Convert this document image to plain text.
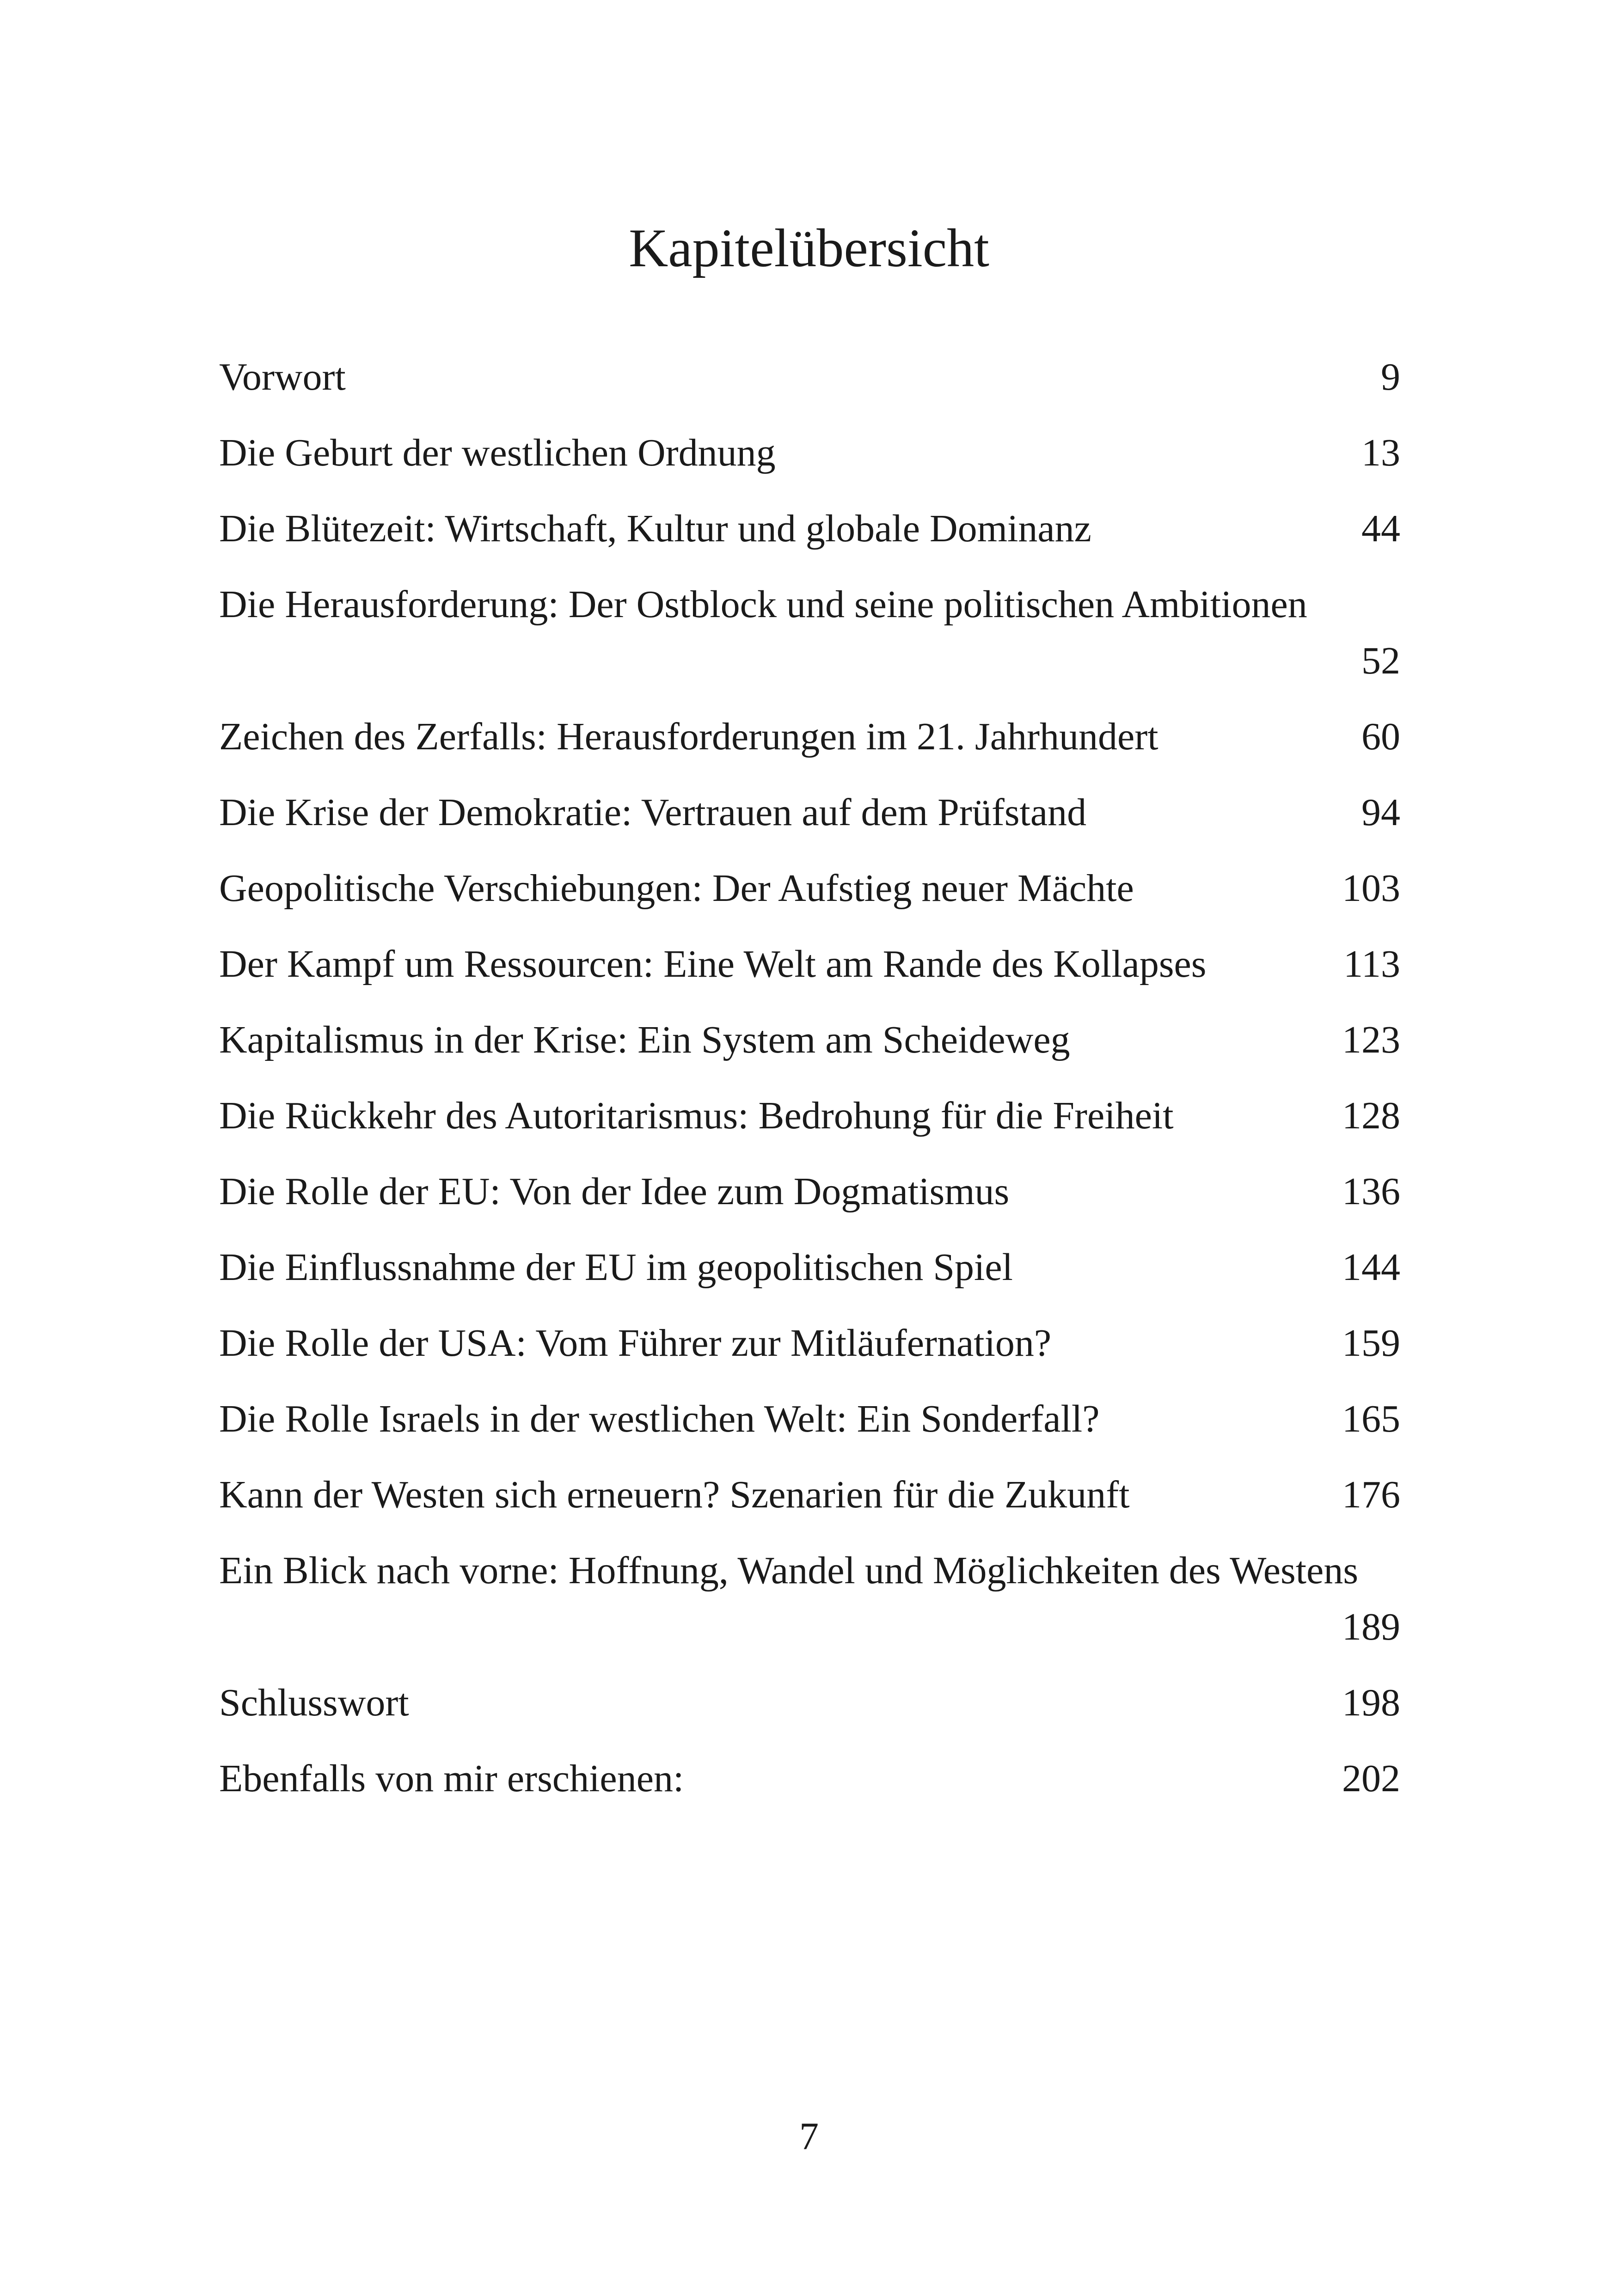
Kapitelübersicht
Vorwort	9
Die Geburt der westlichen Ordnung	13
Die Blütezeit: Wirtschaft, Kultur und globale Dominanz	44
Die Herausforderung: Der Ostblock und seine politischen Ambitionen
52
Zeichen des Zerfalls: Herausforderungen im 21. Jahrhundert	60
Die Krise der Demokratie: Vertrauen auf dem Prüfstand	94
Geopolitische Verschiebungen: Der Aufstieg neuer Mächte	103
Der Kampf um Ressourcen: Eine Welt am Rande des Kollapses	113
Kapitalismus in der Krise: Ein System am Scheideweg	123
Die Rückkehr des Autoritarismus: Bedrohung für die Freiheit	128
Die Rolle der EU: Von der Idee zum Dogmatismus	136
Die Einflussnahme der EU im geopolitischen Spiel	144
Die Rolle der USA: Vom Führer zur Mitläufernation?	159
Die Rolle Israels in der westlichen Welt: Ein Sonderfall?	165
Kann der Westen sich erneuern? Szenarien für die Zukunft	176
Ein Blick nach vorne: Hoffnung, Wandel und Möglichkeiten des Westens
189
Schlusswort	198
Ebenfalls von mir erschienen:	202
7
